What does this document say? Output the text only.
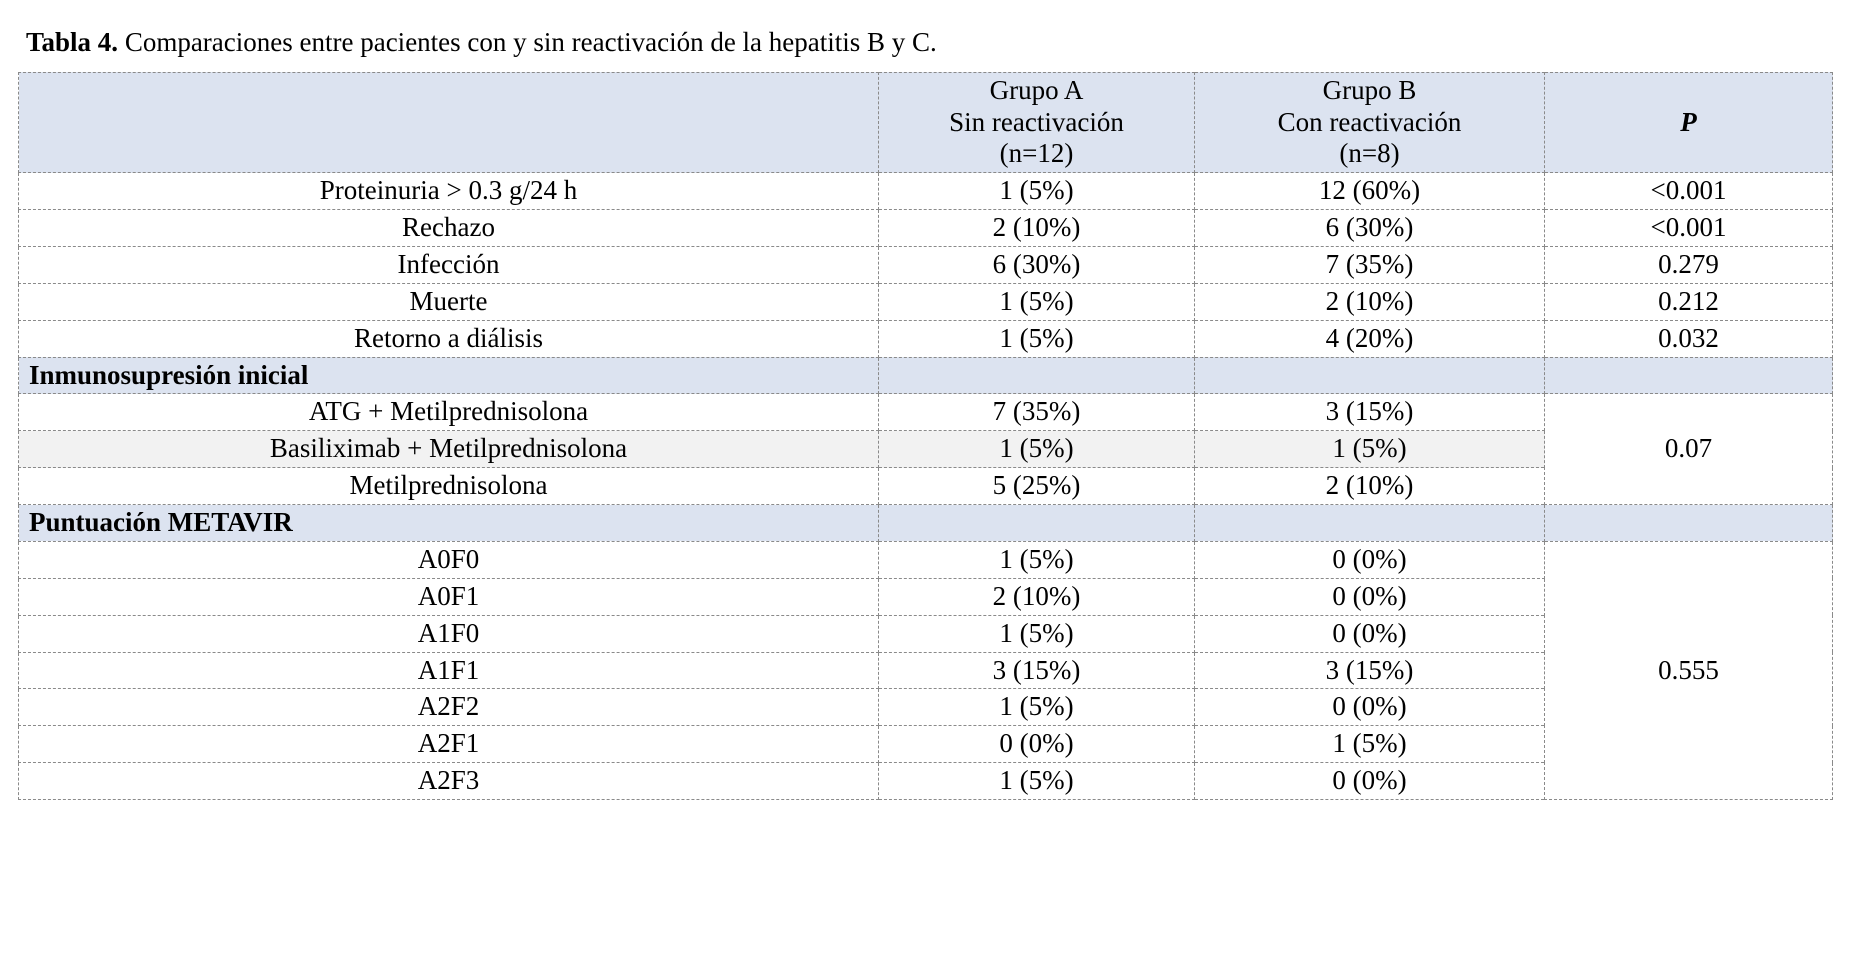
Tabla 4. Comparaciones entre pacientes con y sin reactivación de la hepatitis B y C.

	Grupo A
Sin reactivación
(n=12)	Grupo B
Con reactivación
(n=8)	P
Proteinuria > 0.3 g/24 h	1 (5%)	12 (60%)	<0.001
Rechazo	2 (10%)	6 (30%)	<0.001
Infección	6 (30%)	7 (35%)	0.279
Muerte	1 (5%)	2 (10%)	0.212
Retorno a diálisis	1 (5%)	4 (20%)	0.032
Inmunosupresión inicial			
ATG + Metilprednisolona	7 (35%)	3 (15%)	0.07
Basiliximab + Metilprednisolona	1 (5%)	1 (5%)	
Metilprednisolona	5 (25%)	2 (10%)	
Puntuación METAVIR			
A0F0	1 (5%)	0 (0%)	0.555
A0F1	2 (10%)	0 (0%)	
A1F0	1 (5%)	0 (0%)	
A1F1	3 (15%)	3 (15%)	
A2F2	1 (5%)	0 (0%)	
A2F1	0 (0%)	1 (5%)	
A2F3	1 (5%)	0 (0%)	
